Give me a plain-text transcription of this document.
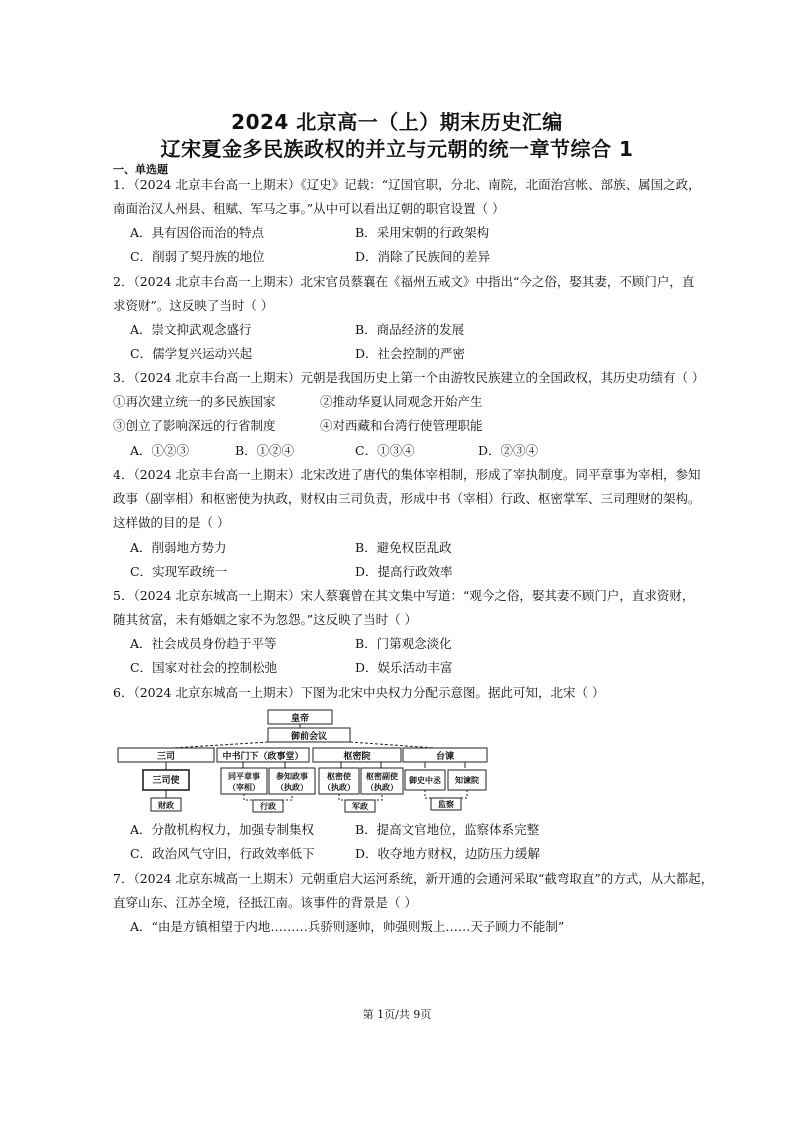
2024 北京高一（上）期末历史汇编
辽宋夏金多民族政权的并立与元朝的统一章节综合 1
一、单选题
1．（2024 北京丰台高一上期末）《辽史》记载：“辽国官职，分北、南院，北面治宫帐、部族、属国之政，
南面治汉人州县、租赋、军马之事。”从中可以看出辽朝的职官设置（ ）
A．具有因俗而治的特点	B．采用宋朝的行政架构
C．削弱了契丹族的地位	D．消除了民族间的差异
2．（2024 北京丰台高一上期末）北宋官员蔡襄在《福州五戒文》中指出“今之俗，娶其妻，不顾门户，直
求资财”。这反映了当时（ ）
A．崇文抑武观念盛行	B．商品经济的发展
C．儒学复兴运动兴起	D．社会控制的严密
3．（2024 北京丰台高一上期末）元朝是我国历史上第一个由游牧民族建立的全国政权，其历史功绩有（ ）
①再次建立统一的多民族国家	②推动华夏认同观念开始产生
③创立了影响深远的行省制度	④对西藏和台湾行使管理职能
A．①②③	B．①②④	C．①③④	D．②③④
4．（2024 北京丰台高一上期末）北宋改进了唐代的集体宰相制，形成了宰执制度。同平章事为宰相，参知
政事（副宰相）和枢密使为执政，财权由三司负责，形成中书（宰相）行政、枢密掌军、三司理财的架构。
这样做的目的是（ ）
A．削弱地方势力	B．避免权臣乱政
C．实现军政统一	D．提高行政效率
5．（2024 北京东城高一上期末）宋人蔡襄曾在其文集中写道：“观今之俗，娶其妻不顾门户，直求资财，
随其贫富，未有婚姻之家不为忽怨。”这反映了当时（ ）
A．社会成员身份趋于平等	B．门第观念淡化
C．国家对社会的控制松弛	D．娱乐活动丰富
6．（2024 北京东城高一上期末）下图为北宋中央权力分配示意图。据此可知，北宋（ ）
皇帝
御前会议
三司	中书门下（政事堂）	枢密院	台谏
三司使	同平章事
（宰相）
参知政事
（执政）
枢密使
（执政）
枢密副使
（执政）
御史中丞 知谏院
财政	行政	军政	监察
A．分散机构权力，加强专制集权	B．提高文官地位，监察体系完整
C．政治风气守旧，行政效率低下	D．收夺地方财权，边防压力缓解
7．（2024 北京东城高一上期末）元朝重启大运河系统，新开通的会通河采取“截弯取直”的方式，从大都起，
直穿山东、江苏全境，径抵江南。该事件的背景是（ ）
A．“由是方镇相望于内地………兵骄则逐帅，帅强则叛上……天子顾力不能制”
第 1页/共 9页
